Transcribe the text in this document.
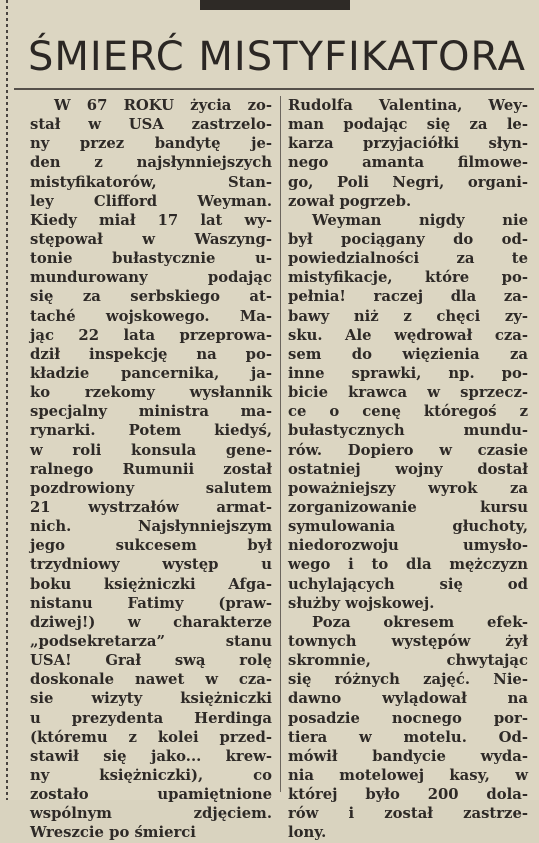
ŚMIERĆ MISTYFIKATORA
W 67 ROKU życia zo-
stał w USA zastrzelo-
ny przez bandytę je-
den z najsłynniejszych
mistyfikatorów, Stan-
ley Clifford Weyman.
Kiedy miał 17 lat wy-
stępował w Waszyng-
tonie bułastycznie u-
mundurowany podając
się za serbskiego at-
taché wojskowego. Ma-
jąc 22 lata przeprowa-
dził inspekcję na po-
kładzie pancernika, ja-
ko rzekomy wysłannik
specjalny ministra ma-
rynarki. Potem kiedyś,
w roli konsula gene-
ralnego Rumunii został
pozdrowiony salutem
21 wystrzałów armat-
nich. Najsłynniejszym
jego sukcesem był
trzydniowy występ u
boku księżniczki Afga-
nistanu Fatimy (praw-
dziwej!) w charakterze
„podsekretarza” stanu
USA! Grał swą rolę
doskonale nawet w cza-
sie wizyty księżniczki
u prezydenta Herdinga
(któremu z kolei przed-
stawił się jako... krew-
ny księżniczki), co
zostało upamiętnione
wspólnym zdjęciem.
Wreszcie po śmierci
Rudolfa Valentina, Wey-
man podając się za le-
karza przyjaciółki słyn-
nego amanta filmowe-
go, Poli Negri, organi-
zował pogrzeb.
Weyman nigdy nie
był pociągany do od-
powiedzialności za te
mistyfikacje, które po-
pełnia! raczej dla za-
bawy niż z chęci zy-
sku. Ale wędrował cza-
sem do więzienia za
inne sprawki, np. po-
bicie krawca w sprzecz-
ce o cenę któregoś z
bułastycznych mundu-
rów. Dopiero w czasie
ostatniej wojny dostał
poważniejszy wyrok za
zorganizowanie kursu
symulowania głuchoty,
niedorozwoju umysło-
wego i to dla mężczyzn
uchylających się od
służby wojskowej.
Poza okresem efek-
townych występów żył
skromnie, chwytając
się różnych zajęć. Nie-
dawno wylądował na
posadzie nocnego por-
tiera w motelu. Od-
mówił bandycie wyda-
nia motelowej kasy, w
której było 200 dola-
rów i został zastrze-
lony.
